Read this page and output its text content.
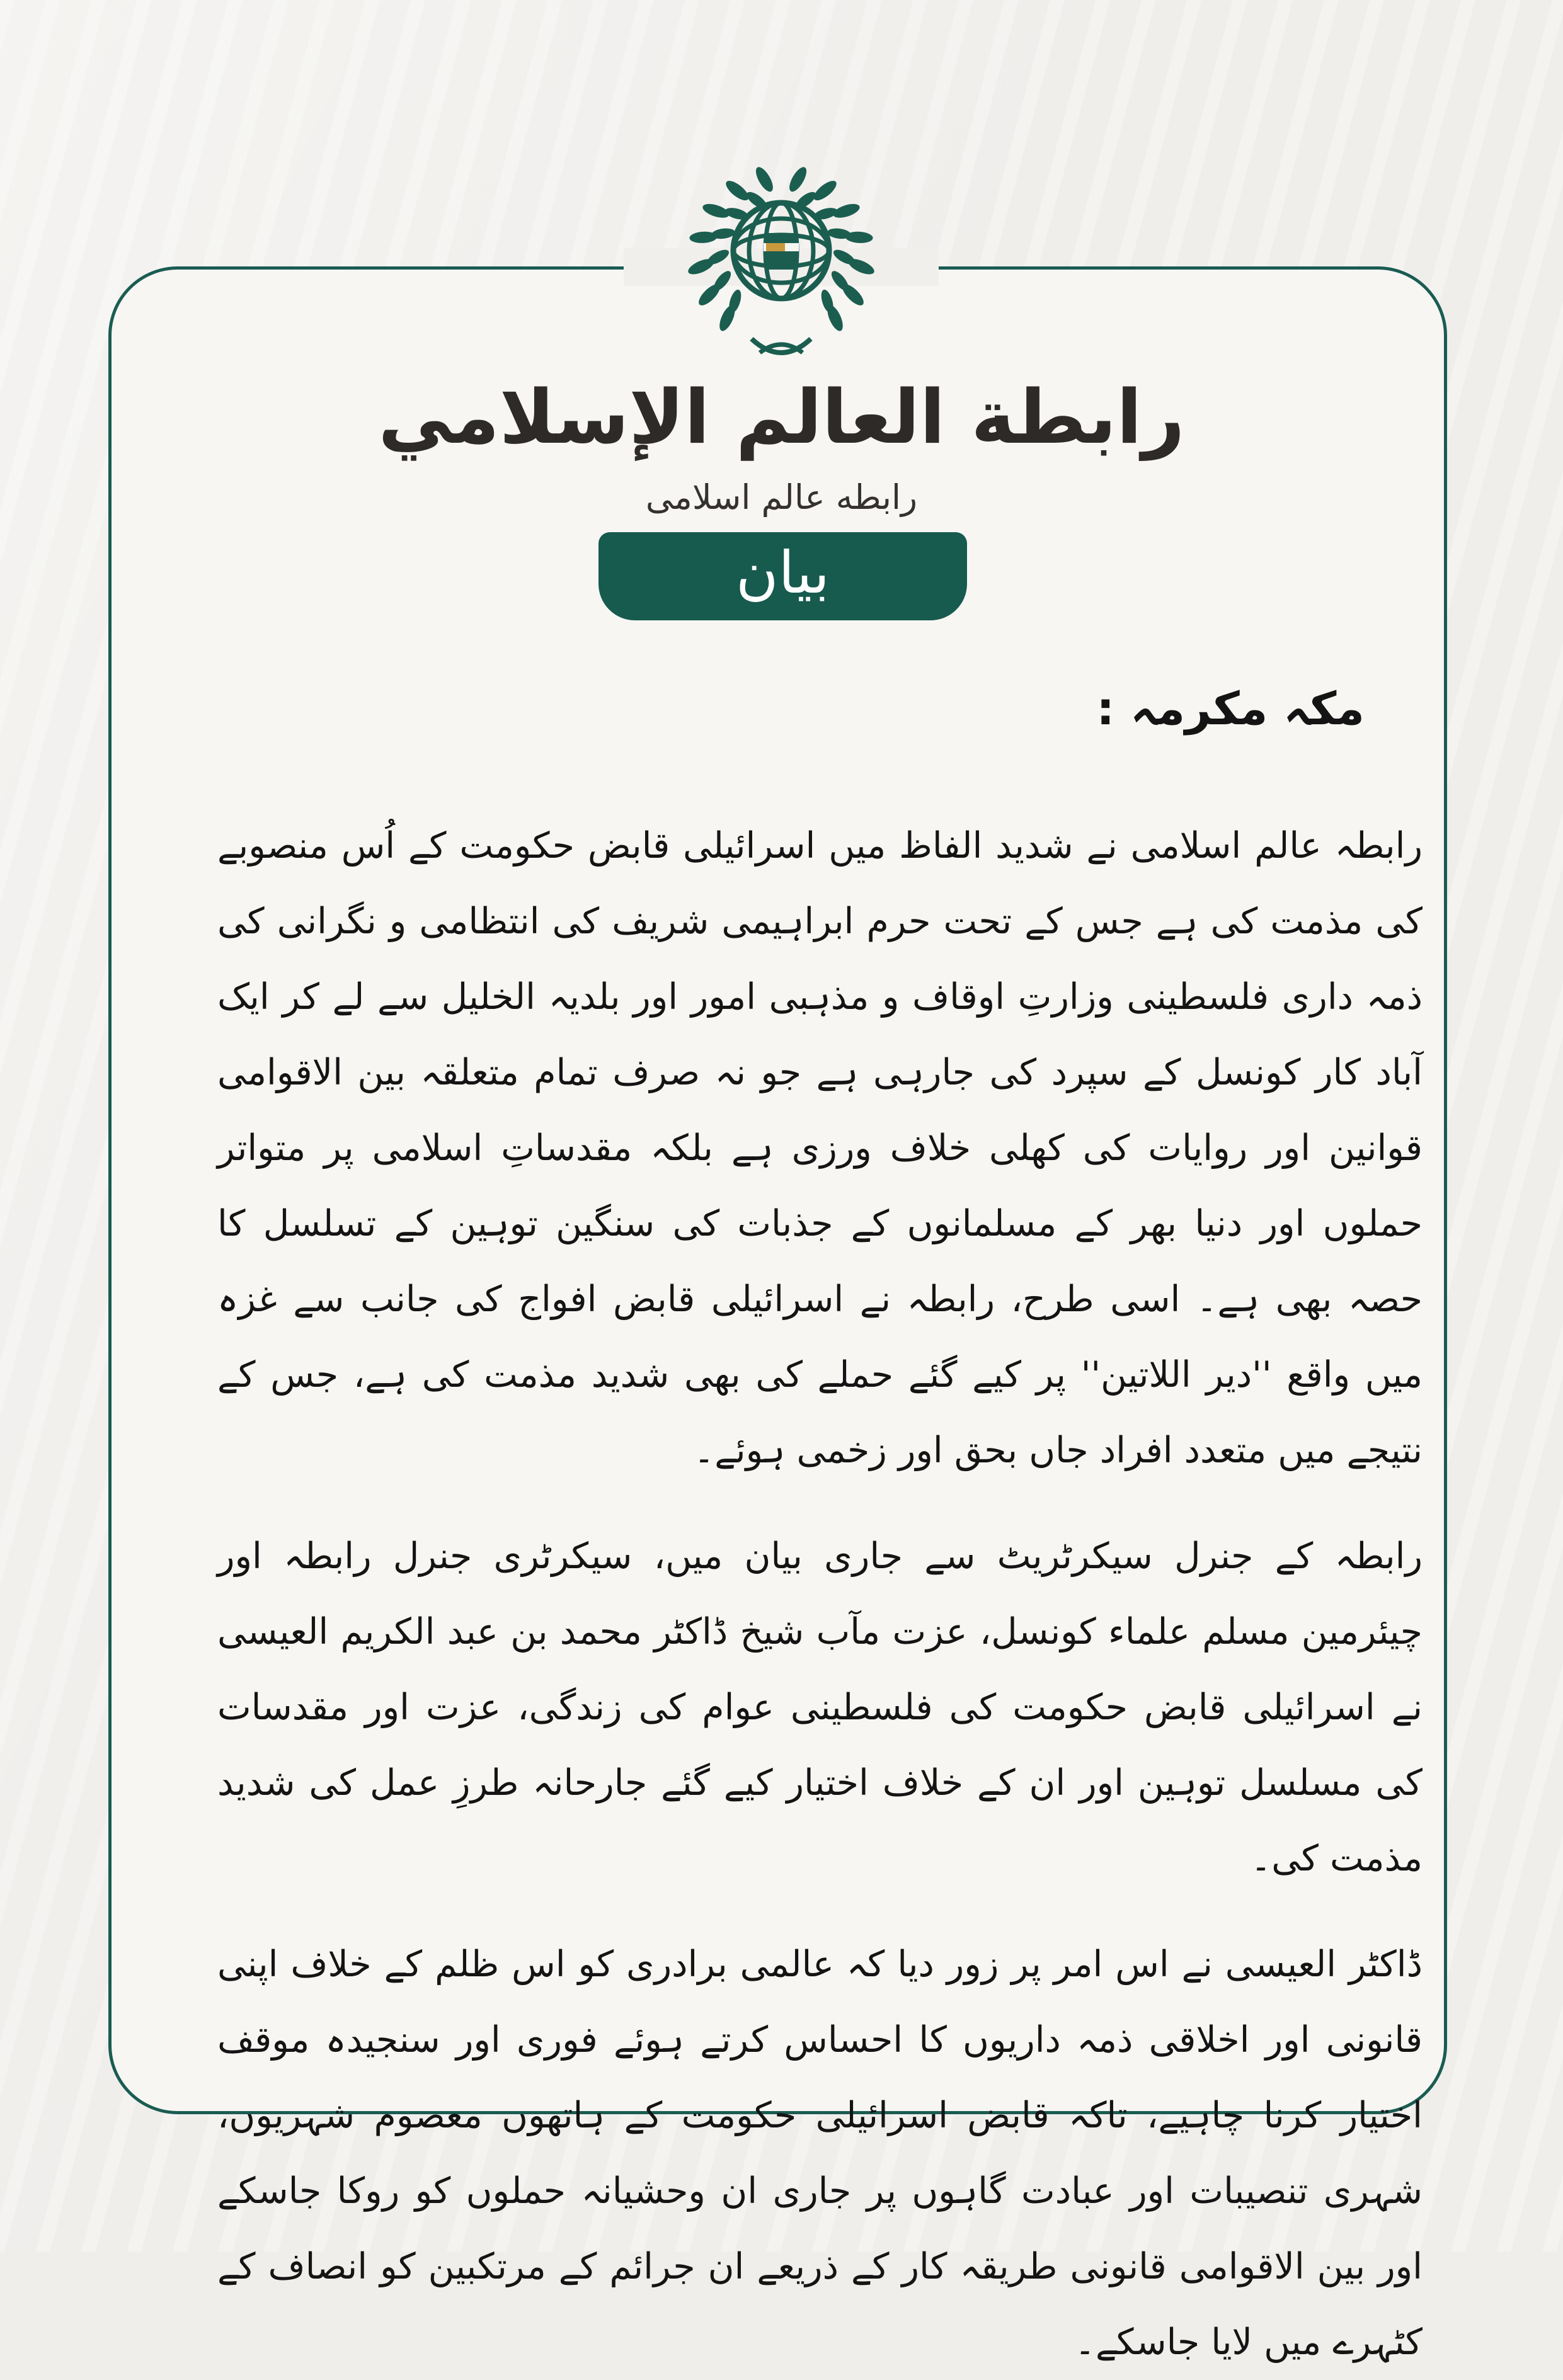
مکہ مکرمہ :

رابطہ عالم اسلامی نے شدید الفاظ میں اسرائیلی قابض حکومت کے اُس منصوبے کی مذمت کی ہے جس کے تحت حرم ابراہیمی شریف کی انتظامی و نگرانی کی ذمہ داری فلسطینی وزارتِ اوقاف و مذہبی امور اور بلدیہ الخلیل سے لے کر ایک آباد کار کونسل کے سپرد کی جارہی ہے جو نہ صرف تمام متعلقہ بین الاقوامی قوانین اور روایات کی کھلی خلاف ورزی ہے بلکہ مقدساتِ اسلامی پر متواتر حملوں اور دنیا بھر کے مسلمانوں کے جذبات کی سنگین توہین کے تسلسل کا حصہ بھی ہے۔ اسی طرح، رابطہ نے اسرائیلی قابض افواج کی جانب سے غزہ میں واقع ''دیر اللاتین'' پر کیے گئے حملے کی بھی شدید مذمت کی ہے، جس کے نتیجے میں متعدد افراد جاں بحق اور زخمی ہوئے۔

رابطہ کے جنرل سیکرٹریٹ سے جاری بیان میں، سیکرٹری جنرل رابطہ اور چیئرمین مسلم علماء کونسل، عزت مآب شیخ ڈاکٹر محمد بن عبد الکریم العیسی نے اسرائیلی قابض حکومت کی فلسطینی عوام کی زندگی، عزت اور مقدسات کی مسلسل توہین اور ان کے خلاف اختیار کیے گئے جارحانہ طرزِ عمل کی شدید مذمت کی۔

ڈاکٹر العیسی نے اس امر پر زور دیا کہ عالمی برادری کو اس ظلم کے خلاف اپنی قانونی اور اخلاقی ذمہ داریوں کا احساس کرتے ہوئے فوری اور سنجیدہ موقف اختیار کرنا چاہیے، تاکہ قابض اسرائیلی حکومت کے ہاتھوں معصوم شہریوں، شہری تنصیبات اور عبادت گاہوں پر جاری ان وحشیانہ حملوں کو روکا جاسکے اور بین الاقوامی قانونی طریقہ کار کے ذریعے ان جرائم کے مرتکبین کو انصاف کے کٹہرے میں لایا جاسکے۔

رابطة العالم الإسلامي
رابطه عالم اسلامی
بیان
